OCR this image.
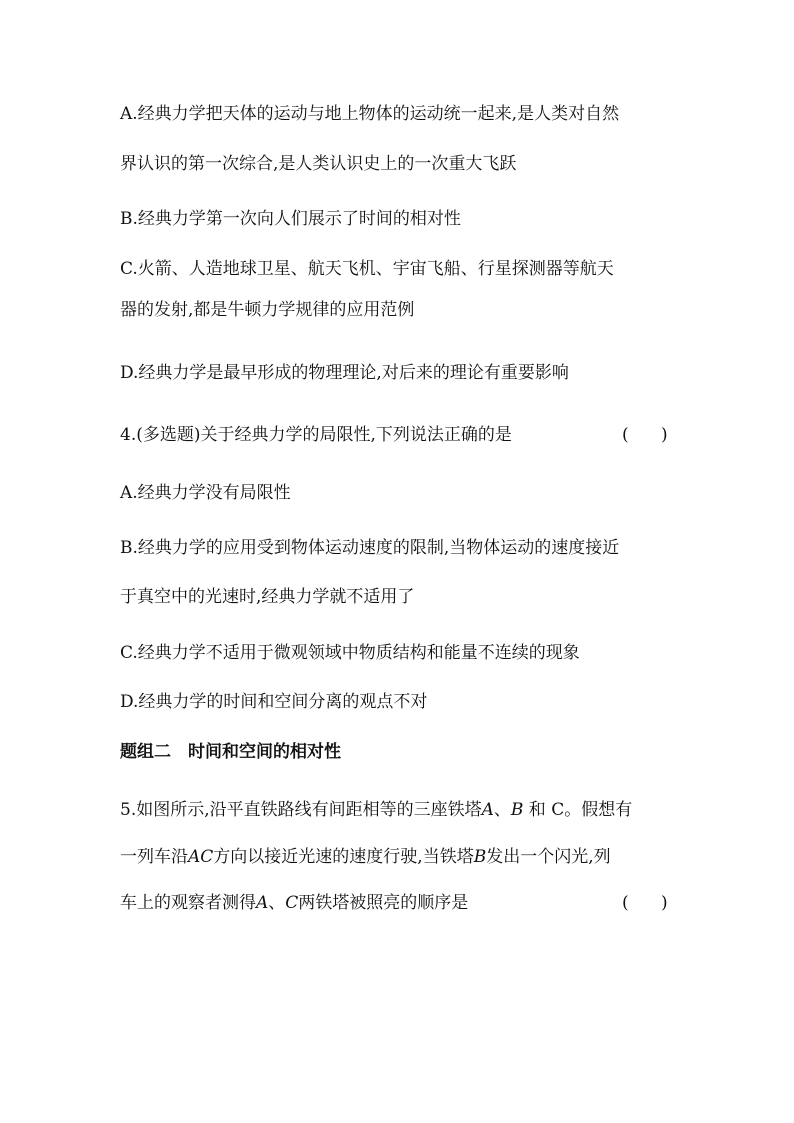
A.经典力学把天体的运动与地上物体的运动统一起来,是人类对自然
界认识的第一次综合,是人类认识史上的一次重大飞跃
B.经典力学第一次向人们展示了时间的相对性
C.火箭、人造地球卫星、航天飞机、宇宙飞船、行星探测器等航天
器的发射,都是牛顿力学规律的应用范例
D.经典力学是最早形成的物理理论,对后来的理论有重要影响
4.(多选题)关于经典力学的局限性,下列说法正确的是	(      )
A.经典力学没有局限性
B.经典力学的应用受到物体运动速度的限制,当物体运动的速度接近
于真空中的光速时,经典力学就不适用了
C.经典力学不适用于微观领域中物质结构和能量不连续的现象
D.经典力学的时间和空间分离的观点不对
题组二　时间和空间的相对性
5.如图所示,沿平直铁路线有间距相等的三座铁塔A、B 和 C。假想有
一列车沿AC方向以接近光速的速度行驶,当铁塔B发出一个闪光,列
车上的观察者测得A、C两铁塔被照亮的顺序是	(      )
